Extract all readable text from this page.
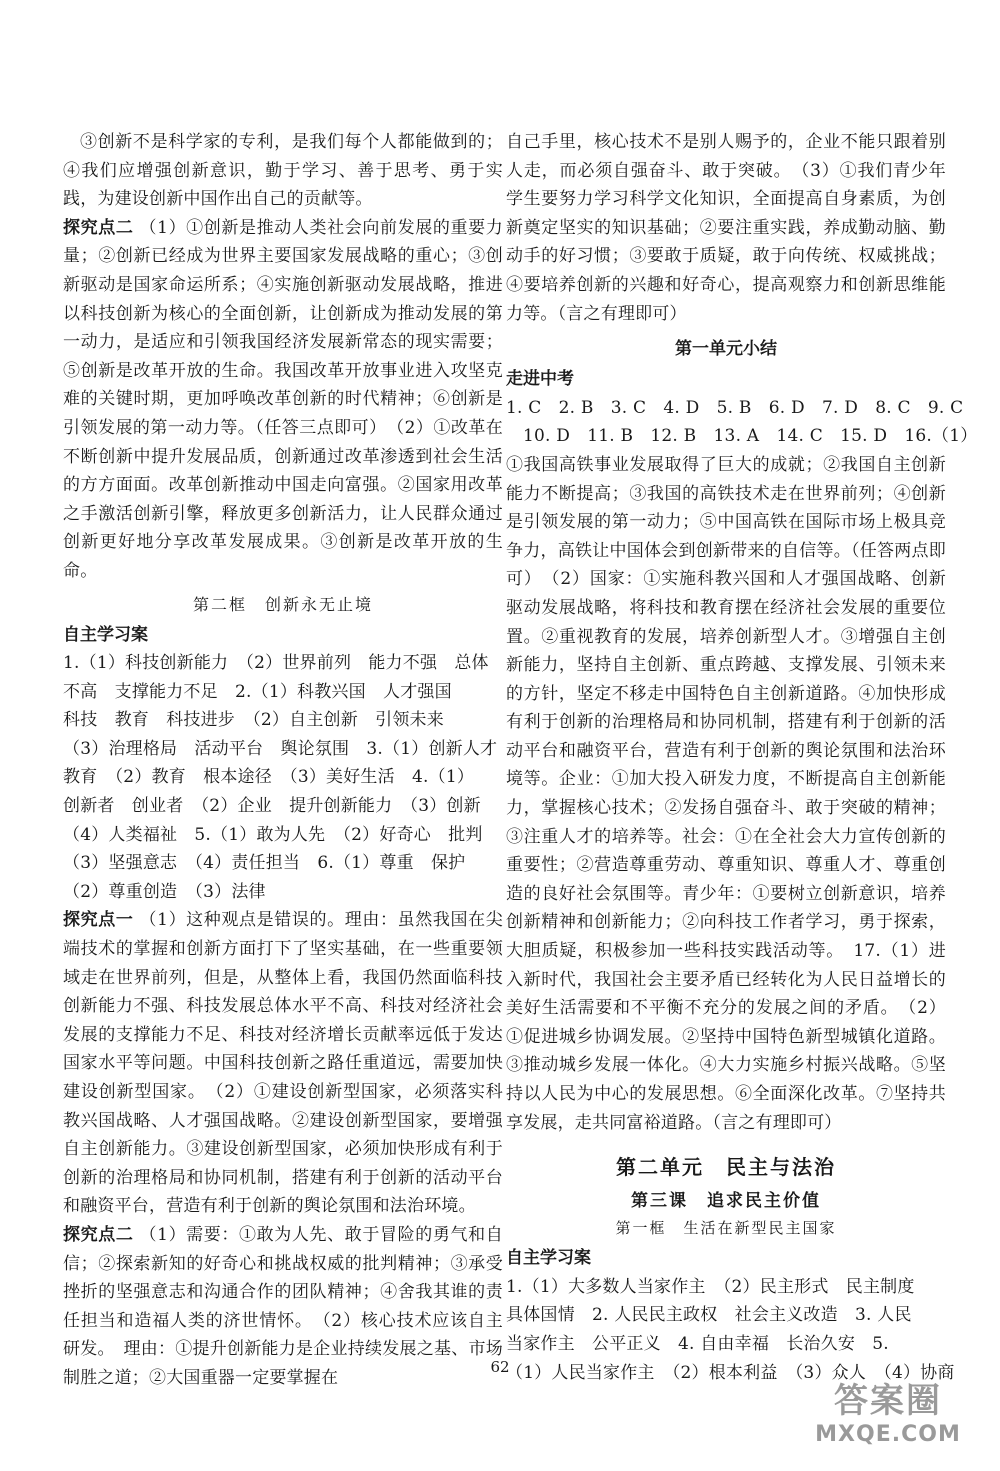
③创新不是科学家的专利，是我们每个人都能做到的；④我们应增强创新意识，勤于学习、善于思考、勇于实践，为建设创新中国作出自己的贡献等。

探究点二 （1）①创新是推动人类社会向前发展的重要力量；②创新已经成为世界主要国家发展战略的重心；③创新驱动是国家命运所系；④实施创新驱动发展战略，推进以科技创新为核心的全面创新，让创新成为推动发展的第一动力，是适应和引领我国经济发展新常态的现实需要；⑤创新是改革开放的生命。我国改革开放事业进入攻坚克难的关键时期，更加呼唤改革创新的时代精神；⑥创新是引领发展的第一动力等。（任答三点即可）　（2）①改革在不断创新中提升发展品质，创新通过改革渗透到社会生活的方方面面。改革创新推动中国走向富强。②国家用改革之手激活创新引擎，释放更多创新活力，让人民群众通过创新更好地分享改革发展成果。③创新是改革开放的生命。

第二框　创新永无止境
自主学习案

1.（1）科技创新能力　（2）世界前列　能力不强　总体

不高　支撑能力不足　2.（1）科教兴国　人才强国

科技　教育　科技进步　（2）自主创新　引领未来

（3）治理格局　活动平台　舆论氛围　3.（1）创新人才

教育　（2）教育　根本途径　（3）美好生活　4.（1）

创新者　创业者　（2）企业　提升创新能力　（3）创新

（4）人类福祉　5.（1）敢为人先　（2）好奇心　批判

（3）坚强意志　（4）责任担当　6.（1）尊重　保护

（2）尊重创造　（3）法律

探究点一 （1）这种观点是错误的。理由：虽然我国在尖端技术的掌握和创新方面打下了坚实基础，在一些重要领域走在世界前列，但是，从整体上看，我国仍然面临科技创新能力不强、科技发展总体水平不高、科技对经济社会发展的支撑能力不足、科技对经济增长贡献率远低于发达国家水平等问题。中国科技创新之路任重道远，需要加快建设创新型国家。　（2）①建设创新型国家，必须落实科教兴国战略、人才强国战略。②建设创新型国家，要增强自主创新能力。③建设创新型国家，必须加快形成有利于创新的治理格局和协同机制，搭建有利于创新的活动平台和融资平台，营造有利于创新的舆论氛围和法治环境。

探究点二 （1）需要：①敢为人先、敢于冒险的勇气和自信；②探索新知的好奇心和挑战权威的批判精神；③承受挫折的坚强意志和沟通合作的团队精神；④舍我其谁的责任担当和造福人类的济世情怀。　（2）核心技术应该自主研发。　理由：①提升创新能力是企业持续发展之基、市场制胜之道；②大国重器一定要掌握在

自己手里，核心技术不是别人赐予的，企业不能只跟着别人走，而必须自强奋斗、敢于突破。　（3）①我们青少年学生要努力学习科学文化知识，全面提高自身素质，为创新奠定坚实的知识基础；②要注重实践，养成勤动脑、勤动手的好习惯；③要敢于质疑，敢于向传统、权威挑战；④要培养创新的兴趣和好奇心，提高观察力和创新思维能力等。（言之有理即可）

第一单元小结
走进中考

1. C　2. B　3. C　4. D　5. B　6. D　7. D　8. C　9. C

10. D　11. B　12. B　13. A　14. C　15. D　16.（1）

①我国高铁事业发展取得了巨大的成就；②我国自主创新能力不断提高；③我国的高铁技术走在世界前列；④创新是引领发展的第一动力；⑤中国高铁在国际市场上极具竞争力，高铁让中国体会到创新带来的自信等。（任答两点即可）　（2）国家：①实施科教兴国和人才强国战略、创新驱动发展战略，将科技和教育摆在经济社会发展的重要位置。②重视教育的发展，培养创新型人才。③增强自主创新能力，坚持自主创新、重点跨越、支撑发展、引领未来的方针，坚定不移走中国特色自主创新道路。④加快形成有利于创新的治理格局和协同机制，搭建有利于创新的活动平台和融资平台，营造有利于创新的舆论氛围和法治环境等。企业：①加大投入研发力度，不断提高自主创新能力，掌握核心技术；②发扬自强奋斗、敢于突破的精神；③注重人才的培养等。社会：①在全社会大力宣传创新的重要性；②营造尊重劳动、尊重知识、尊重人才、尊重创造的良好社会氛围等。青少年：①要树立创新意识，培养创新精神和创新能力；②向科技工作者学习，勇于探索，大胆质疑，积极参加一些科技实践活动等。　17.（1）进入新时代，我国社会主要矛盾已经转化为人民日益增长的美好生活需要和不平衡不充分的发展之间的矛盾。　（2）①促进城乡协调发展。②坚持中国特色新型城镇化道路。③推动城乡发展一体化。④大力实施乡村振兴战略。⑤坚持以人民为中心的发展思想。⑥全面深化改革。⑦坚持共享发展，走共同富裕道路。（言之有理即可）

第二单元　民主与法治
第三课　追求民主价值
第一框　生活在新型民主国家
自主学习案

1.（1）大多数人当家作主　（2）民主形式　民主制度

具体国情　2. 人民民主政权　社会主义改造　3. 人民

当家作主　公平正义　4. 自由幸福　长治久安　5.

（1）人民当家作主　（2）根本利益　（3）众人　（4）协商

62
答案圈
MXQE.COM
